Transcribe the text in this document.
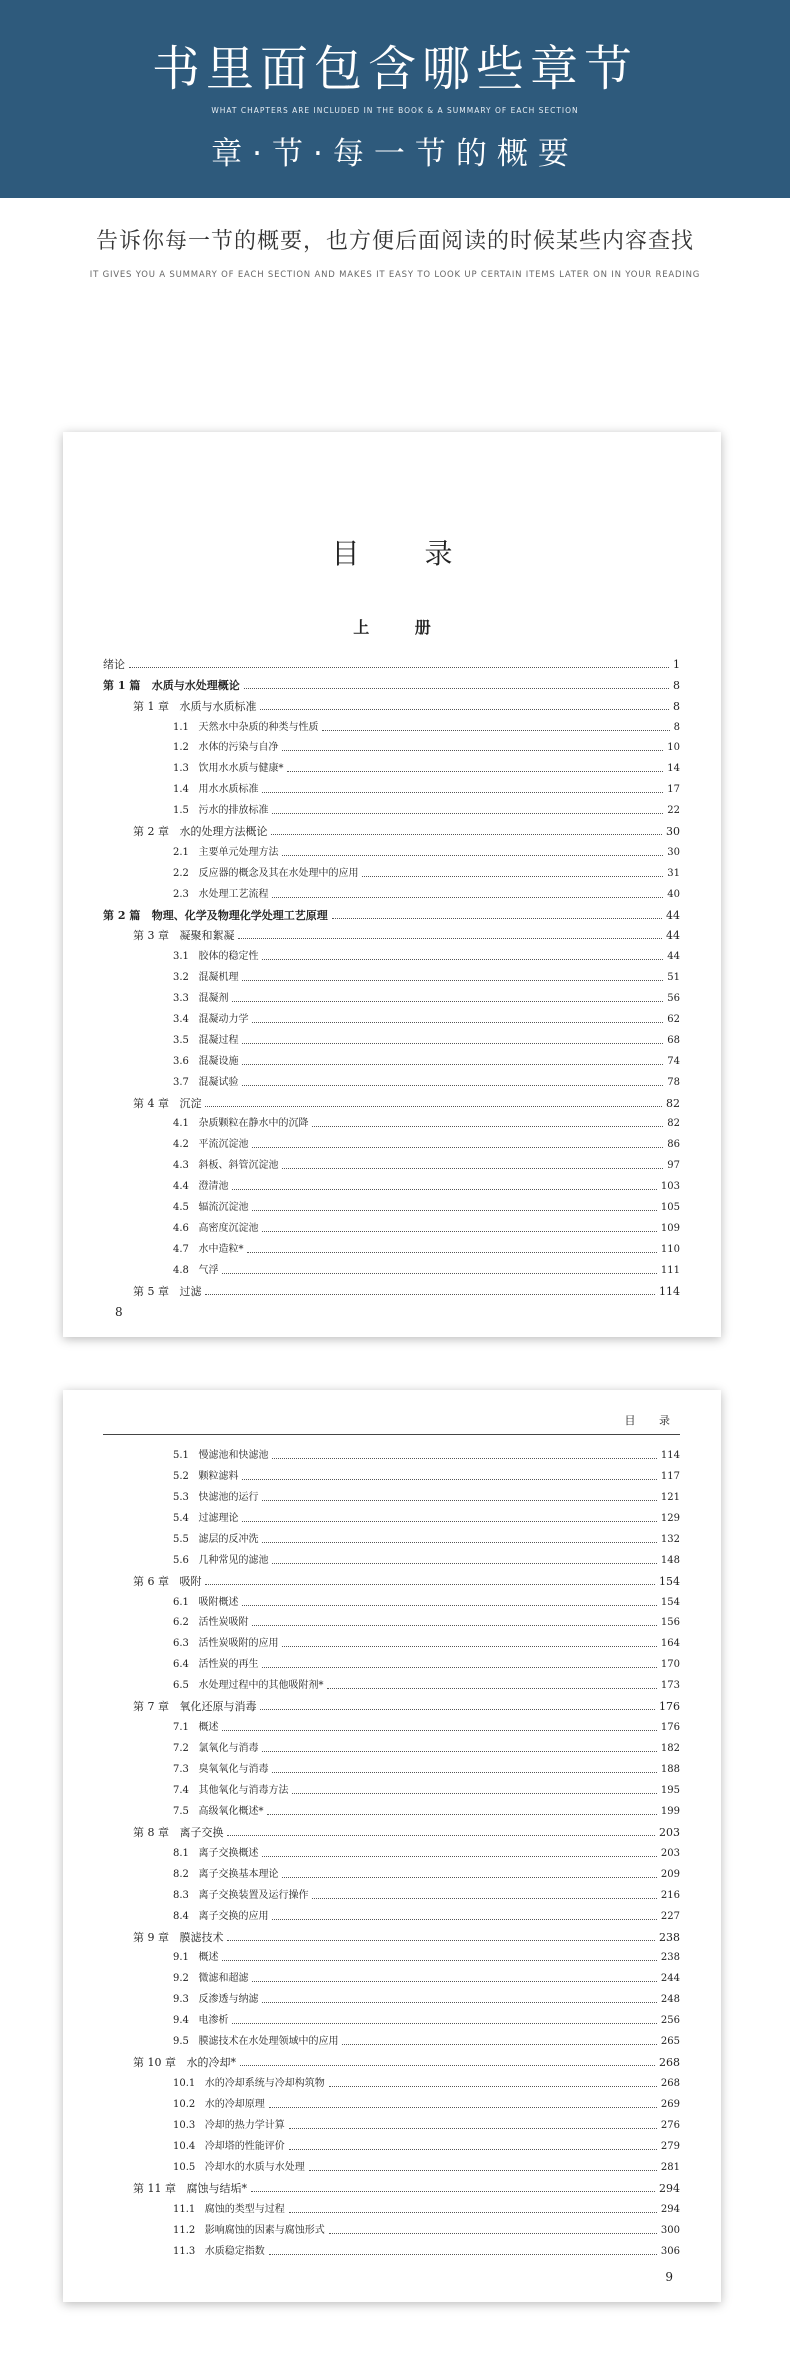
书里面包含哪些章节
WHAT CHAPTERS ARE INCLUDED IN THE BOOK & A SUMMARY OF EACH SECTION
章·节·每一节的概要
告诉你每一节的概要，也方便后面阅读的时候某些内容查找
IT GIVES YOU A SUMMARY OF EACH SECTION AND MAKES IT EASY TO LOOK UP CERTAIN ITEMS LATER ON IN YOUR READING
目 录
上 册
绪论	1
第 1 篇   水质与水处理概论	8
第 1 章   水质与水质标准	8
1.1   天然水中杂质的种类与性质	8
1.2   水体的污染与自净	10
1.3   饮用水水质与健康*	14
1.4   用水水质标准	17
1.5   污水的排放标准	22
第 2 章   水的处理方法概论	30
2.1   主要单元处理方法	30
2.2   反应器的概念及其在水处理中的应用	31
2.3   水处理工艺流程	40
第 2 篇   物理、化学及物理化学处理工艺原理	44
第 3 章   凝聚和絮凝	44
3.1   胶体的稳定性	44
3.2   混凝机理	51
3.3   混凝剂	56
3.4   混凝动力学	62
3.5   混凝过程	68
3.6   混凝设施	74
3.7   混凝试验	78
第 4 章   沉淀	82
4.1   杂质颗粒在静水中的沉降	82
4.2   平流沉淀池	86
4.3   斜板、斜管沉淀池	97
4.4   澄清池	103
4.5   辐流沉淀池	105
4.6   高密度沉淀池	109
4.7   水中造粒*	110
4.8   气浮	111
第 5 章   过滤	114
8
目 录
5.1   慢滤池和快滤池	114
5.2   颗粒滤料	117
5.3   快滤池的运行	121
5.4   过滤理论	129
5.5   滤层的反冲洗	132
5.6   几种常见的滤池	148
第 6 章   吸附	154
6.1   吸附概述	154
6.2   活性炭吸附	156
6.3   活性炭吸附的应用	164
6.4   活性炭的再生	170
6.5   水处理过程中的其他吸附剂*	173
第 7 章   氧化还原与消毒	176
7.1   概述	176
7.2   氯氧化与消毒	182
7.3   臭氧氧化与消毒	188
7.4   其他氧化与消毒方法	195
7.5   高级氧化概述*	199
第 8 章   离子交换	203
8.1   离子交换概述	203
8.2   离子交换基本理论	209
8.3   离子交换装置及运行操作	216
8.4   离子交换的应用	227
第 9 章   膜滤技术	238
9.1   概述	238
9.2   微滤和超滤	244
9.3   反渗透与纳滤	248
9.4   电渗析	256
9.5   膜滤技术在水处理领域中的应用	265
第 10 章   水的冷却*	268
10.1   水的冷却系统与冷却构筑物	268
10.2   水的冷却原理	269
10.3   冷却的热力学计算	276
10.4   冷却塔的性能评价	279
10.5   冷却水的水质与水处理	281
第 11 章   腐蚀与结垢*	294
11.1   腐蚀的类型与过程	294
11.2   影响腐蚀的因素与腐蚀形式	300
11.3   水质稳定指数	306
9
